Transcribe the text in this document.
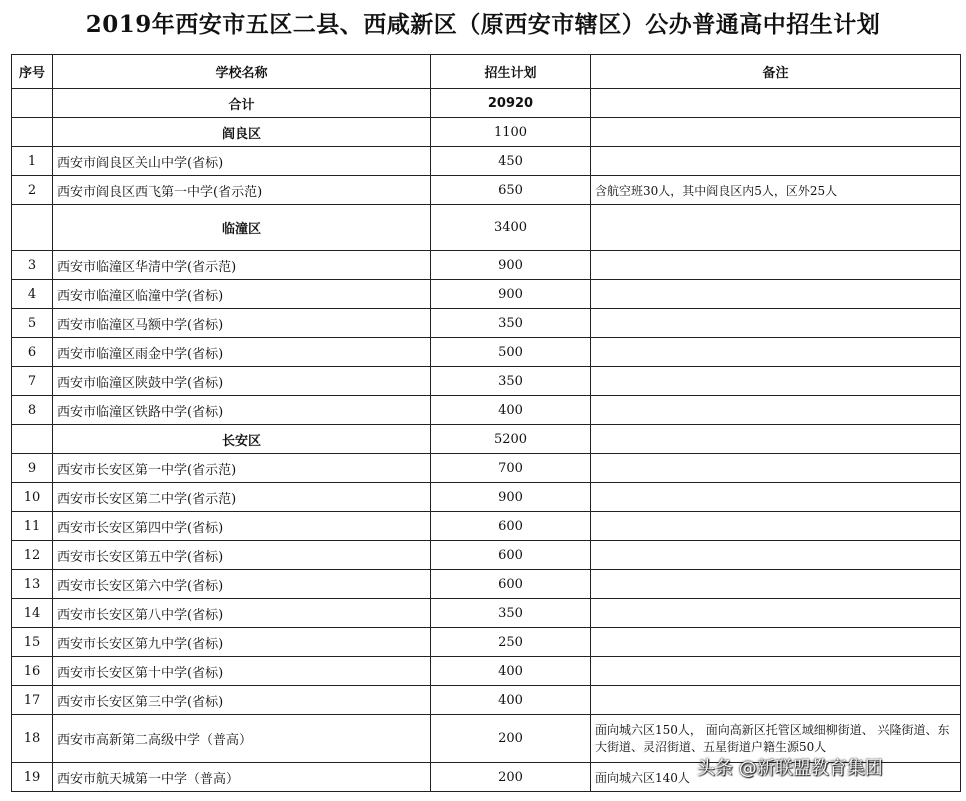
2019年西安市五区二县、西咸新区（原西安市辖区）公办普通高中招生计划
序号	学校名称	招生计划	备注
	合计	20920	
	阎良区	1100	
1	西安市阎良区关山中学(省标)	450	
2	西安市阎良区西飞第一中学(省示范)	650	含航空班30人，其中阎良区内5人，区外25人
	临潼区	3400	
3	西安市临潼区华清中学(省示范)	900	
4	西安市临潼区临潼中学(省标)	900	
5	西安市临潼区马额中学(省标)	350	
6	西安市临潼区雨金中学(省标)	500	
7	西安市临潼区陕鼓中学(省标)	350	
8	西安市临潼区铁路中学(省标)	400	
	长安区	5200	
9	西安市长安区第一中学(省示范)	700	
10	西安市长安区第二中学(省示范)	900	
11	西安市长安区第四中学(省标)	600	
12	西安市长安区第五中学(省标)	600	
13	西安市长安区第六中学(省标)	600	
14	西安市长安区第八中学(省标)	350	
15	西安市长安区第九中学(省标)	250	
16	西安市长安区第十中学(省标)	400	
17	西安市长安区第三中学(省标)	400	
18	西安市高新第二高级中学（普高）	200	面向城六区150人， 面向高新区托管区域细柳街道、 兴隆街道、东大街道、灵沼街道、五星街道户籍生源50人
19	西安市航天城第一中学（普高）	200	面向城六区140人 头条 @新联盟教育集团
